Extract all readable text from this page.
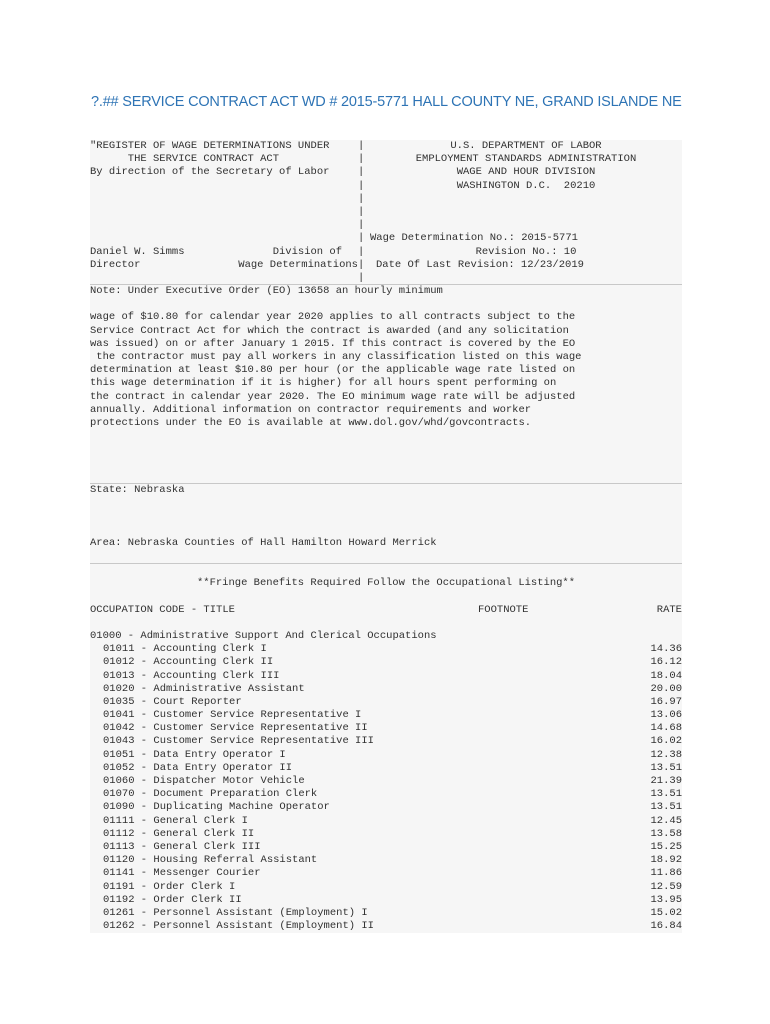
?.## SERVICE CONTRACT ACT WD # 2015-5771 HALL COUNTY NE, GRAND ISLANDE NE
"REGISTER OF WAGE DETERMINATIONS UNDER	|	U.S. DEPARTMENT OF LABOR
THE SERVICE CONTRACT ACT	|	EMPLOYMENT STANDARDS ADMINISTRATION
By direction of the Secretary of Labor	|	WAGE AND HOUR DIVISION
|	WASHINGTON D.C.  20210
|
|
|
| Wage Determination No.: 2015-5771
Daniel W. Simms	Division of	|	Revision No.: 10
Director	Wage Determinations |	Date Of Last Revision: 12/23/2019
|
Note: Under Executive Order (EO) 13658 an hourly minimum
wage of $10.80 for calendar year 2020 applies to all contracts subject to the
Service Contract Act for which the contract is awarded (and any solicitation
was issued) on or after January 1 2015. If this contract is covered by the EO
the contractor must pay all workers in any classification listed on this wage
determination at least $10.80 per hour (or the applicable wage rate listed on
this wage determination if it is higher) for all hours spent performing on
the contract in calendar year 2020. The EO minimum wage rate will be adjusted
annually. Additional information on contractor requirements and worker
protections under the EO is available at www.dol.gov/whd/govcontracts.
State: Nebraska
Area: Nebraska Counties of Hall Hamilton Howard Merrick
**Fringe Benefits Required Follow the Occupational Listing**
OCCUPATION CODE - TITLE	FOOTNOTE	RATE
01000 - Administrative Support And Clerical Occupations
01011 - Accounting Clerk I	14.36
01012 - Accounting Clerk II	16.12
01013 - Accounting Clerk III	18.04
01020 - Administrative Assistant	20.00
01035 - Court Reporter	16.97
01041 - Customer Service Representative I	13.06
01042 - Customer Service Representative II	14.68
01043 - Customer Service Representative III	16.02
01051 - Data Entry Operator I	12.38
01052 - Data Entry Operator II	13.51
01060 - Dispatcher Motor Vehicle	21.39
01070 - Document Preparation Clerk	13.51
01090 - Duplicating Machine Operator	13.51
01111 - General Clerk I	12.45
01112 - General Clerk II	13.58
01113 - General Clerk III	15.25
01120 - Housing Referral Assistant	18.92
01141 - Messenger Courier	11.86
01191 - Order Clerk I	12.59
01192 - Order Clerk II	13.95
01261 - Personnel Assistant (Employment) I	15.02
01262 - Personnel Assistant (Employment) II	16.84
